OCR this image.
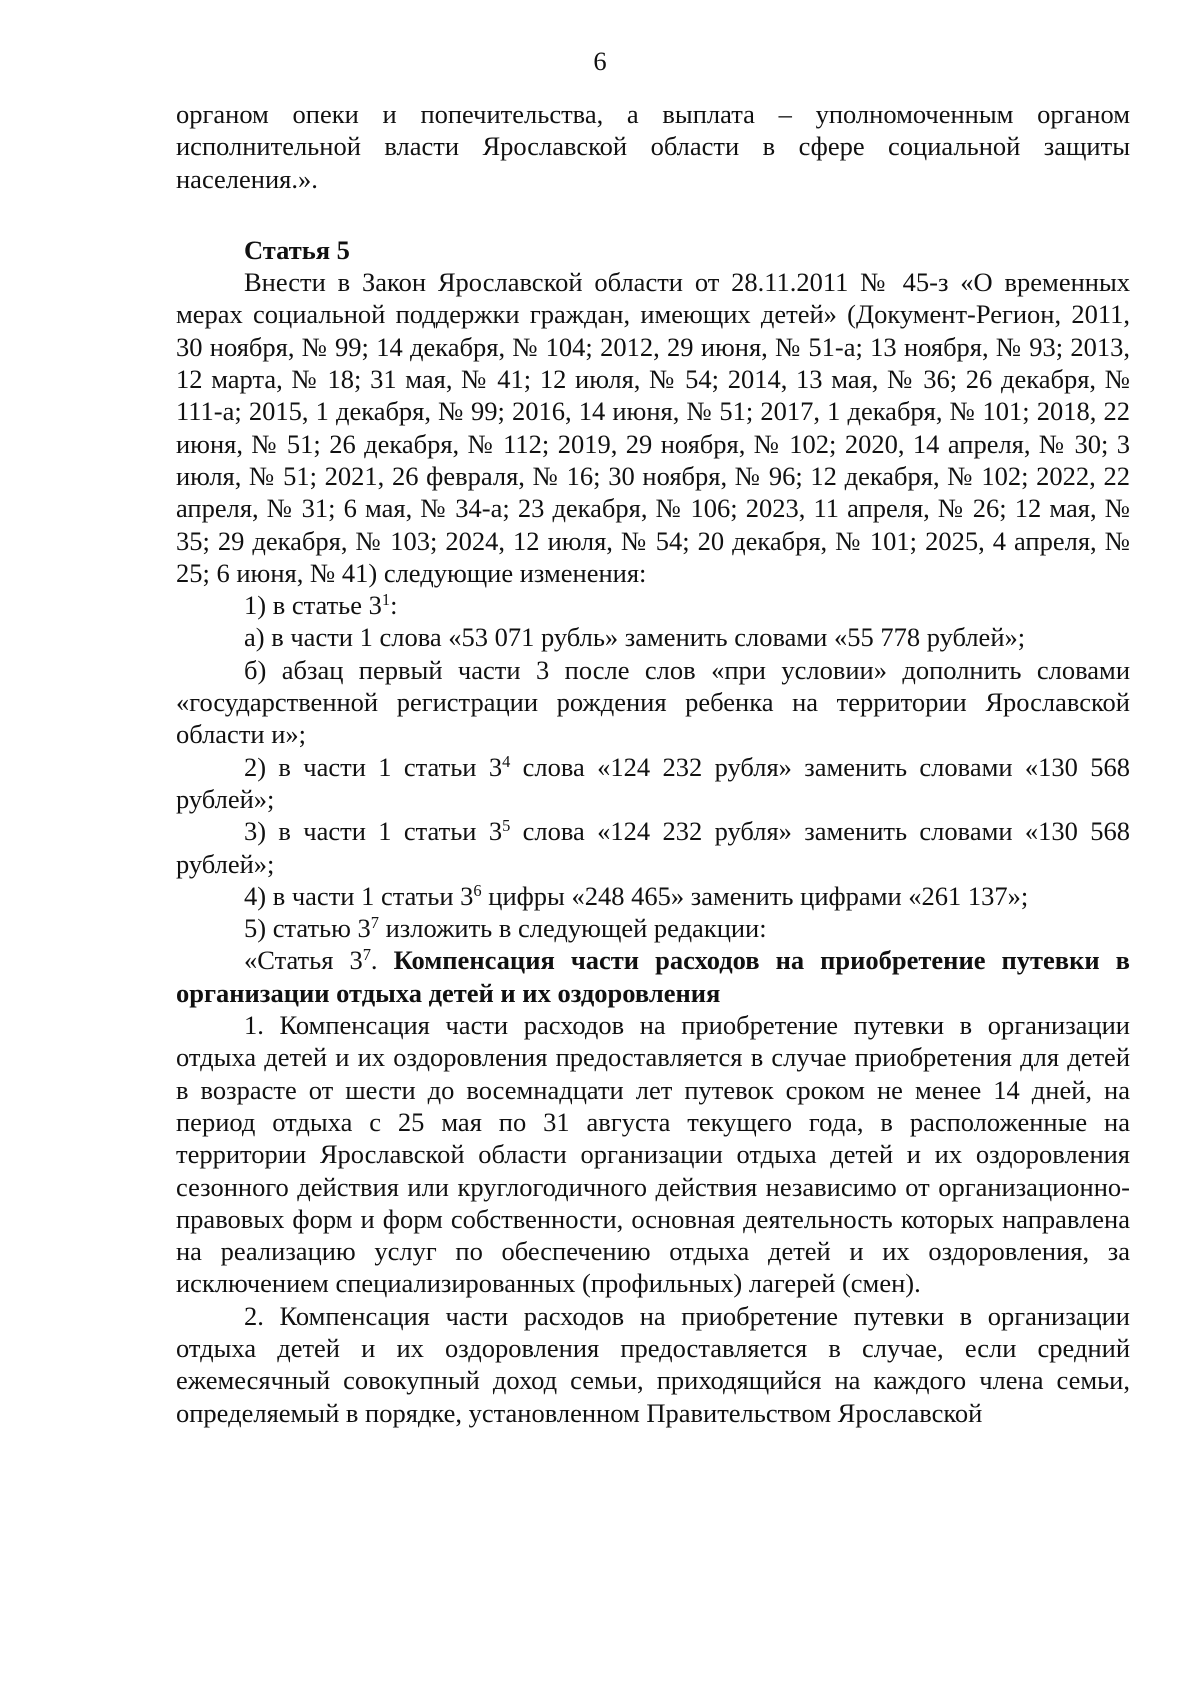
6

органом опеки и попечительства, а выплата – уполномоченным органом исполнительной власти Ярославской области в сфере социальной защиты населения.».

Статья 5

Внести в Закон Ярославской области от 28.11.2011 № 45-з «О временных мерах социальной поддержки граждан, имеющих детей» (Документ-Регион, 2011, 30 ноября, № 99; 14 декабря, № 104; 2012, 29 июня, № 51-а; 13 ноября, № 93; 2013, 12 марта, № 18; 31 мая, № 41; 12 июля, № 54; 2014, 13 мая, № 36; 26 декабря, № 111-а; 2015, 1 декабря, № 99; 2016, 14 июня, № 51; 2017, 1 декабря, № 101; 2018, 22 июня, № 51; 26 декабря, № 112; 2019, 29 ноября, № 102; 2020, 14 апреля, № 30; 3 июля, № 51; 2021, 26 февраля, № 16; 30 ноября, № 96; 12 декабря, № 102; 2022, 22 апреля, № 31; 6 мая, № 34-а; 23 декабря, № 106; 2023, 11 апреля, № 26; 12 мая, № 35; 29 декабря, № 103; 2024, 12 июля, № 54; 20 декабря, № 101; 2025, 4 апреля, № 25; 6 июня, № 41) следующие изменения:

1) в статье $3^1$:

а) в части 1 слова «53 071 рубль» заменить словами «55 778 рублей»;

б) абзац первый части 3 после слов «при условии» дополнить словами «государственной регистрации рождения ребенка на территории Ярославской области и»;

2) в части 1 статьи $3^4$ слова «124 232 рубля» заменить словами «130 568 рублей»;

3) в части 1 статьи $3^5$ слова «124 232 рубля» заменить словами «130 568 рублей»;

4) в части 1 статьи $3^6$ цифры «248 465» заменить цифрами «261 137»;

5) статью $3^7$ изложить в следующей редакции:

«Статья $3^7$. Компенсация части расходов на приобретение путевки в организации отдыха детей и их оздоровления

1. Компенсация части расходов на приобретение путевки в организации отдыха детей и их оздоровления предоставляется в случае приобретения для детей в возрасте от шести до восемнадцати лет путевок сроком не менее 14 дней, на период отдыха с 25 мая по 31 августа текущего года, в расположенные на территории Ярославской области организации отдыха детей и их оздоровления сезонного действия или круглогодичного действия независимо от организационно-правовых форм и форм собственности, основная деятельность которых направлена на реализацию услуг по обеспечению отдыха детей и их оздоровления, за исключением специализированных (профильных) лагерей (смен).

2. Компенсация части расходов на приобретение путевки в организации отдыха детей и их оздоровления предоставляется в случае, если средний ежемесячный совокупный доход семьи, приходящийся на каждого члена семьи, определяемый в порядке, установленном Правительством Ярославской
